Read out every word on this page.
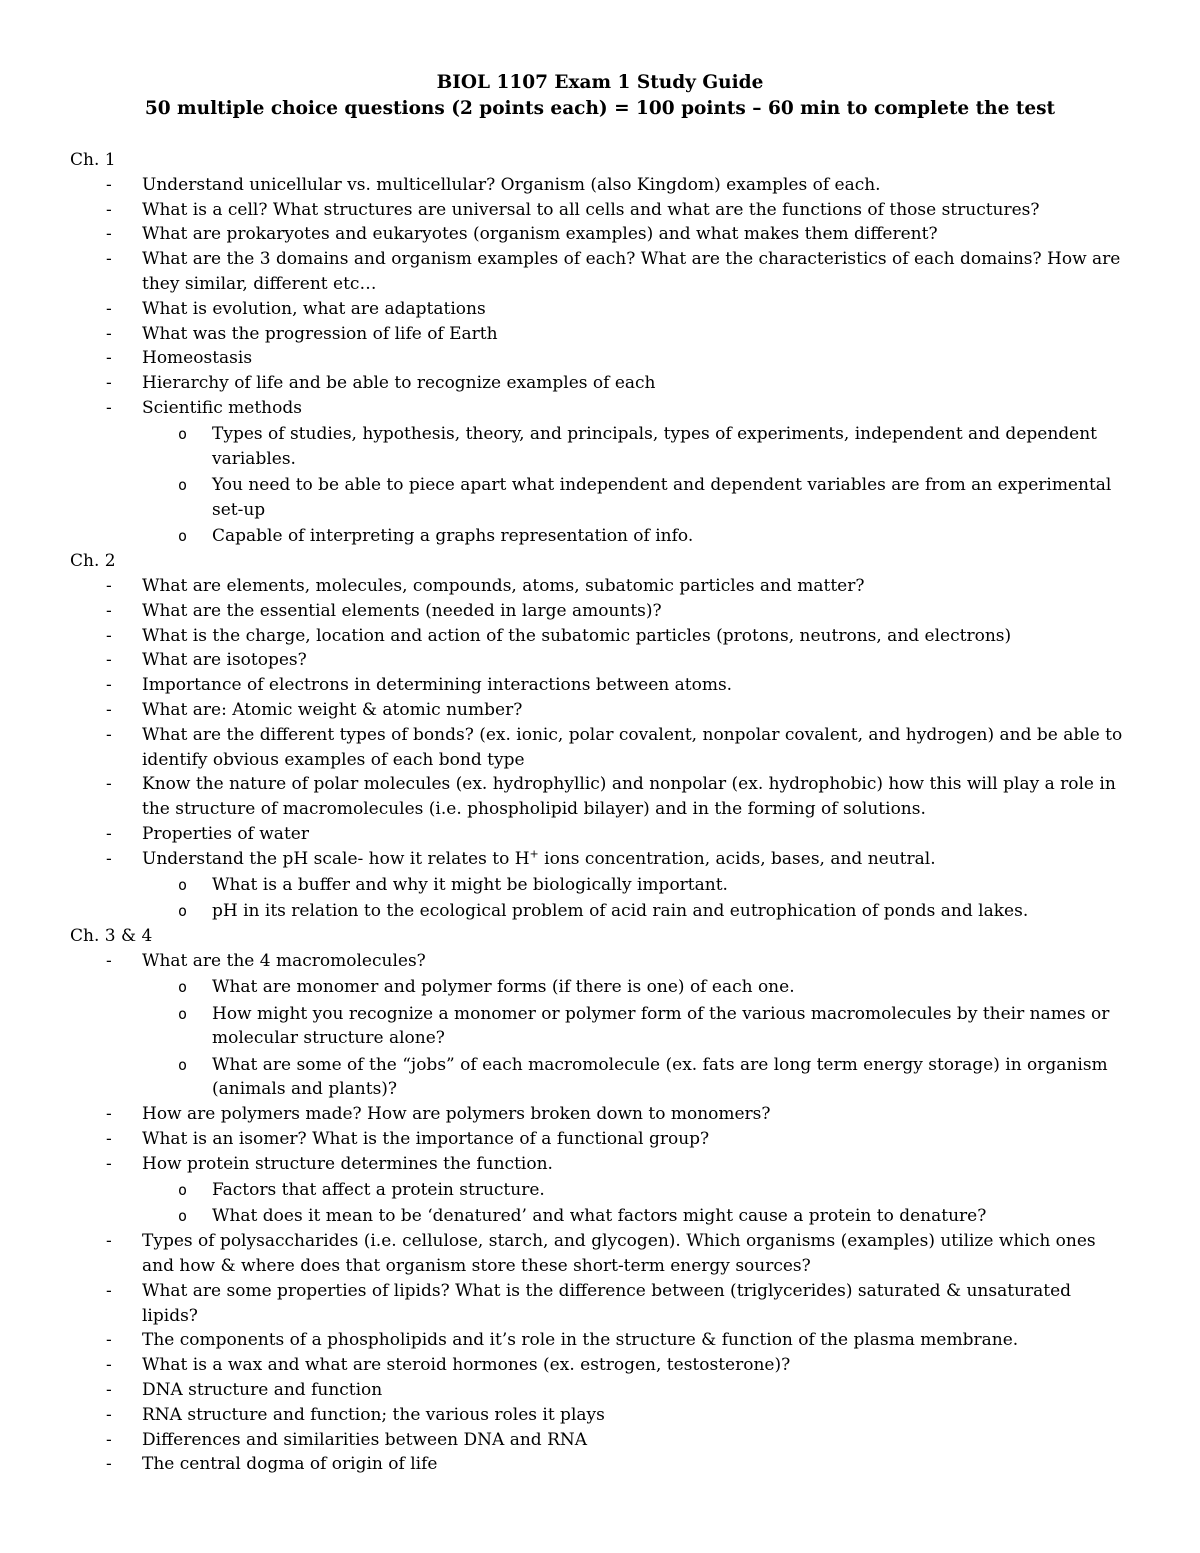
BIOL 1107 Exam 1 Study Guide
50 multiple choice questions (2 points each) = 100 points – 60 min to complete the test
Ch. 1
- Understand unicellular vs. multicellular? Organism (also Kingdom) examples of each.
- What is a cell? What structures are universal to all cells and what are the functions of those structures?
- What are prokaryotes and eukaryotes (organism examples) and what makes them different?
- What are the 3 domains and organism examples of each? What are the characteristics of each domains? How are they similar, different etc…
- What is evolution, what are adaptations
- What was the progression of life of Earth
- Homeostasis
- Hierarchy of life and be able to recognize examples of each
- Scientific methods
o Types of studies, hypothesis, theory, and principals, types of experiments, independent and dependent variables.
o You need to be able to piece apart what independent and dependent variables are from an experimental set-up
o Capable of interpreting a graphs representation of info.
Ch. 2
- What are elements, molecules, compounds, atoms, subatomic particles and matter?
- What are the essential elements (needed in large amounts)?
- What is the charge, location and action of the subatomic particles (protons, neutrons, and electrons)
- What are isotopes?
- Importance of electrons in determining interactions between atoms.
- What are: Atomic weight & atomic number?
- What are the different types of bonds? (ex. ionic, polar covalent, nonpolar covalent, and hydrogen) and be able to identify obvious examples of each bond type
- Know the nature of polar molecules (ex. hydrophyllic) and nonpolar (ex. hydrophobic) how this will play a role in the structure of macromolecules (i.e. phospholipid bilayer) and in the forming of solutions.
- Properties of water
- Understand the pH scale- how it relates to H+ ions concentration, acids, bases, and neutral.
o What is a buffer and why it might be biologically important.
o pH in its relation to the ecological problem of acid rain and eutrophication of ponds and lakes.
Ch. 3 & 4
- What are the 4 macromolecules?
o What are monomer and polymer forms (if there is one) of each one.
o How might you recognize a monomer or polymer form of the various macromolecules by their names or molecular structure alone?
o What are some of the “jobs” of each macromolecule (ex. fats are long term energy storage) in organism (animals and plants)?
- How are polymers made? How are polymers broken down to monomers?
- What is an isomer? What is the importance of a functional group?
- How protein structure determines the function.
o Factors that affect a protein structure.
o What does it mean to be ‘denatured’ and what factors might cause a protein to denature?
- Types of polysaccharides (i.e. cellulose, starch, and glycogen). Which organisms (examples) utilize which ones and how & where does that organism store these short-term energy sources?
- What are some properties of lipids? What is the difference between (triglycerides) saturated & unsaturated lipids?
- The components of a phospholipids and it’s role in the structure & function of the plasma membrane.
- What is a wax and what are steroid hormones (ex. estrogen, testosterone)?
- DNA structure and function
- RNA structure and function; the various roles it plays
- Differences and similarities between DNA and RNA
- The central dogma of origin of life
